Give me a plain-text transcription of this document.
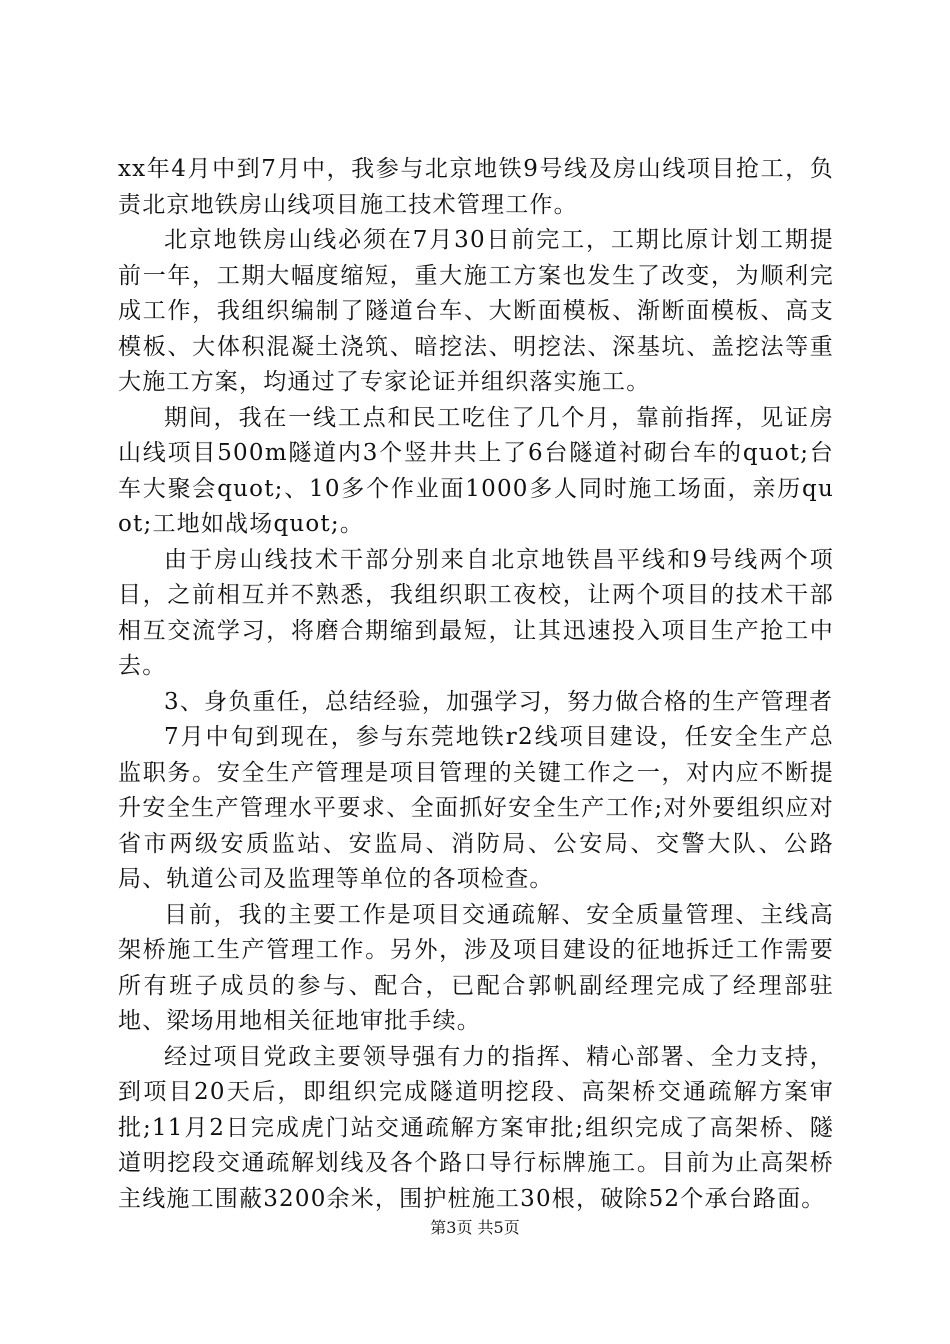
xx年4月中到7月中，我参与北京地铁9号线及房山线项目抢工，负责北京地铁房山线项目施工技术管理工作。

北京地铁房山线必须在7月30日前完工，工期比原计划工期提前一年，工期大幅度缩短，重大施工方案也发生了改变，为顺利完成工作，我组织编制了隧道台车、大断面模板、渐断面模板、高支模板、大体积混凝土浇筑、暗挖法、明挖法、深基坑、盖挖法等重大施工方案，均通过了专家论证并组织落实施工。

期间，我在一线工点和民工吃住了几个月，靠前指挥，见证房山线项目500m隧道内3个竖井共上了6台隧道衬砌台车的quot;台车大聚会quot;、10多个作业面1000多人同时施工场面，亲历quot;工地如战场quot;。

由于房山线技术干部分别来自北京地铁昌平线和9号线两个项目，之前相互并不熟悉，我组织职工夜校，让两个项目的技术干部相互交流学习，将磨合期缩到最短，让其迅速投入项目生产抢工中去。

3、身负重任，总结经验，加强学习，努力做合格的生产管理者

7月中旬到现在，参与东莞地铁r2线项目建设，任安全生产总监职务。安全生产管理是项目管理的关键工作之一，对内应不断提升安全生产管理水平要求、全面抓好安全生产工作;对外要组织应对省市两级安质监站、安监局、消防局、公安局、交警大队、公路局、轨道公司及监理等单位的各项检查。

目前，我的主要工作是项目交通疏解、安全质量管理、主线高架桥施工生产管理工作。另外，涉及项目建设的征地拆迁工作需要所有班子成员的参与、配合，已配合郭帆副经理完成了经理部驻地、梁场用地相关征地审批手续。

经过项目党政主要领导强有力的指挥、精心部署、全力支持，到项目20天后，即组织完成隧道明挖段、高架桥交通疏解方案审批;11月2日完成虎门站交通疏解方案审批;组织完成了高架桥、隧道明挖段交通疏解划线及各个路口导行标牌施工。目前为止高架桥主线施工围蔽3200余米，围护桩施工30根，破除52个承台路面。

第3页 共5页
